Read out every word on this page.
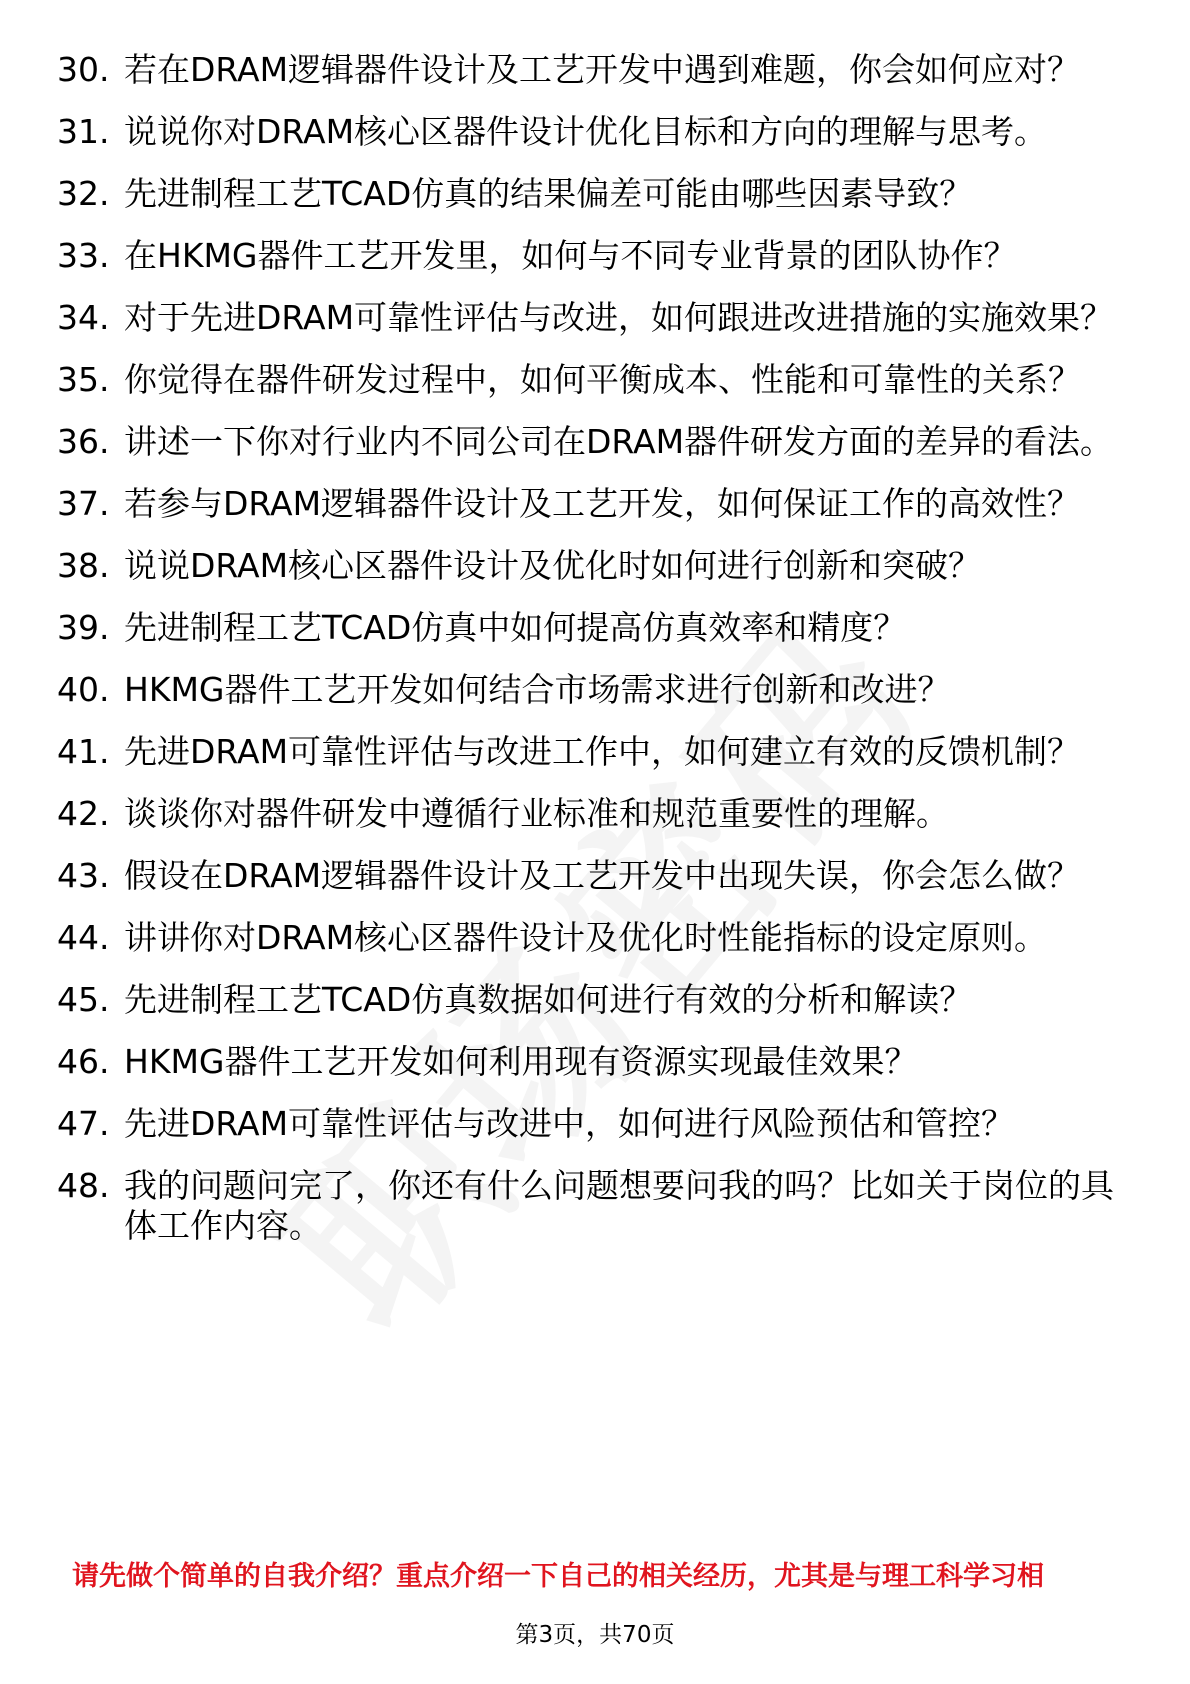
30. 若在DRAM逻辑器件设计及工艺开发中遇到难题，你会如何应对？
31. 说说你对DRAM核心区器件设计优化目标和方向的理解与思考。
32. 先进制程工艺TCAD仿真的结果偏差可能由哪些因素导致？
33. 在HKMG器件工艺开发里，如何与不同专业背景的团队协作？
34. 对于先进DRAM可靠性评估与改进，如何跟进改进措施的实施效果？
35. 你觉得在器件研发过程中，如何平衡成本、性能和可靠性的关系？
36. 讲述一下你对行业内不同公司在DRAM器件研发方面的差异的看法。
37. 若参与DRAM逻辑器件设计及工艺开发，如何保证工作的高效性？
38. 说说DRAM核心区器件设计及优化时如何进行创新和突破？
39. 先进制程工艺TCAD仿真中如何提高仿真效率和精度？
40. HKMG器件工艺开发如何结合市场需求进行创新和改进？
41. 先进DRAM可靠性评估与改进工作中，如何建立有效的反馈机制？
42. 谈谈你对器件研发中遵循行业标准和规范重要性的理解。
43. 假设在DRAM逻辑器件设计及工艺开发中出现失误，你会怎么做？
44. 讲讲你对DRAM核心区器件设计及优化时性能指标的设定原则。
45. 先进制程工艺TCAD仿真数据如何进行有效的分析和解读？
46. HKMG器件工艺开发如何利用现有资源实现最佳效果？
47. 先进DRAM可靠性评估与改进中，如何进行风险预估和管控？
48. 我的问题问完了，你还有什么问题想要问我的吗？比如关于岗位的具体工作内容。
请先做个简单的自我介绍？重点介绍一下自己的相关经历，尤其是与理工科学习相
第3页，共70页
